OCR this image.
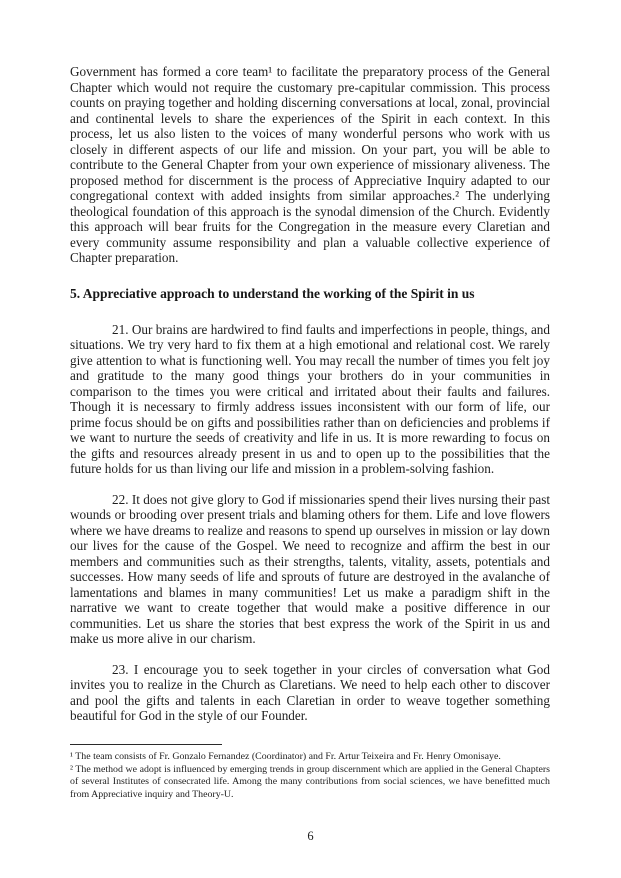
Government has formed a core team¹ to facilitate the preparatory process of the General Chapter which would not require the customary pre-capitular commission. This process counts on praying together and holding discerning conversations at local, zonal, provincial and continental levels to share the experiences of the Spirit in each context. In this process, let us also listen to the voices of many wonderful persons who work with us closely in different aspects of our life and mission. On your part, you will be able to contribute to the General Chapter from your own experience of missionary aliveness. The proposed method for discernment is the process of Appreciative Inquiry adapted to our congregational context with added insights from similar approaches.² The underlying theological foundation of this approach is the synodal dimension of the Church. Evidently this approach will bear fruits for the Congregation in the measure every Claretian and every community assume responsibility and plan a valuable collective experience of Chapter preparation.

5. Appreciative approach to understand the working of the Spirit in us

21. Our brains are hardwired to find faults and imperfections in people, things, and situations. We try very hard to fix them at a high emotional and relational cost. We rarely give attention to what is functioning well. You may recall the number of times you felt joy and gratitude to the many good things your brothers do in your communities in comparison to the times you were critical and irritated about their faults and failures. Though it is necessary to firmly address issues inconsistent with our form of life, our prime focus should be on gifts and possibilities rather than on deficiencies and problems if we want to nurture the seeds of creativity and life in us. It is more rewarding to focus on the gifts and resources already present in us and to open up to the possibilities that the future holds for us than living our life and mission in a problem-solving fashion.

22. It does not give glory to God if missionaries spend their lives nursing their past wounds or brooding over present trials and blaming others for them. Life and love flowers where we have dreams to realize and reasons to spend up ourselves in mission or lay down our lives for the cause of the Gospel. We need to recognize and affirm the best in our members and communities such as their strengths, talents, vitality, assets, potentials and successes. How many seeds of life and sprouts of future are destroyed in the avalanche of lamentations and blames in many communities! Let us make a paradigm shift in the narrative we want to create together that would make a positive difference in our communities. Let us share the stories that best express the work of the Spirit in us and make us more alive in our charism.

23. I encourage you to seek together in your circles of conversation what God invites you to realize in the Church as Claretians. We need to help each other to discover and pool the gifts and talents in each Claretian in order to weave together something beautiful for God in the style of our Founder.

¹ The team consists of Fr. Gonzalo Fernandez (Coordinator) and Fr. Artur Teixeira and Fr. Henry Omonisaye.

² The method we adopt is influenced by emerging trends in group discernment which are applied in the General Chapters of several Institutes of consecrated life. Among the many contributions from social sciences, we have benefitted much from Appreciative inquiry and Theory-U.

6
